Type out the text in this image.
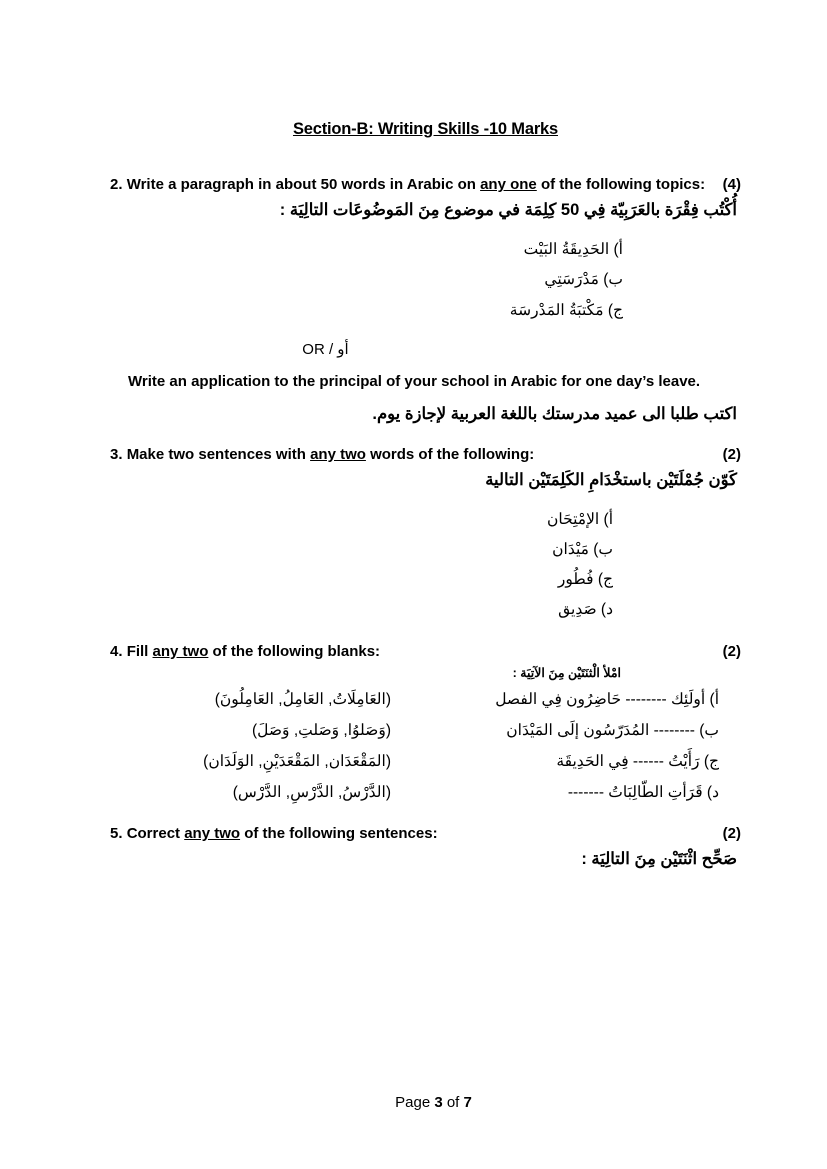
Section-B: Writing Skills -10 Marks

2. Write a paragraph in about 50 words in Arabic on any one of the following topics: (4)

أُكْتُب فِقْرَة بالعَرَبِيّة فِي 50 كِلِمَة في موضوع مِنَ المَوضُوعَات التالِيَة :

أ) الحَدِيقَةُ البَيْت

ب) مَدْرَسَتِي

ج) مَكْتبَةُ المَدْرسَة

OR / أو

Write an application to the principal of your school in Arabic for one day’s leave.

اكتب طلبا الى عميد مدرستك باللغة العربية لإجازة يوم.

3. Make two sentences with any two words of the following:	(2)

كَوّن جُمْلَتَيْن باستخْدَامِ الكَلِمَتَيْن التالية

أ) الإمْتِحَان

ب) مَيْدَان

ج) فُطُور

د) صَدِيق

4. Fill any two of the following blanks:	(2)

امْلأ الْثنَتَيْن مِنَ الآتِيَة :

أ) أولَئِك -------- حَاضِرُون فِي الفصل
(العَامِلَاتُ, العَامِلُ, العَامِلُونَ)
ب) -------- المُدَرّسُون إلَى المَيْدَان
(وَصَلوُا, وَصَلتِ, وَصَلَ)
ج) رَأَيْتُ ------ فِي الحَدِيقَة
(المَقْعَدَان, المَقْعَدَيْنِ, الوَلَدَان)
د) قَرَأتِ الطّالِبَاتُ -------
(الدَّرْسُ, الدَّرْسِ, الدَّرْس)

5. Correct any two of the following sentences:	(2)

صَحِّح اثْنَتَيْن مِنَ التالِيَة :

Page 3 of 7
